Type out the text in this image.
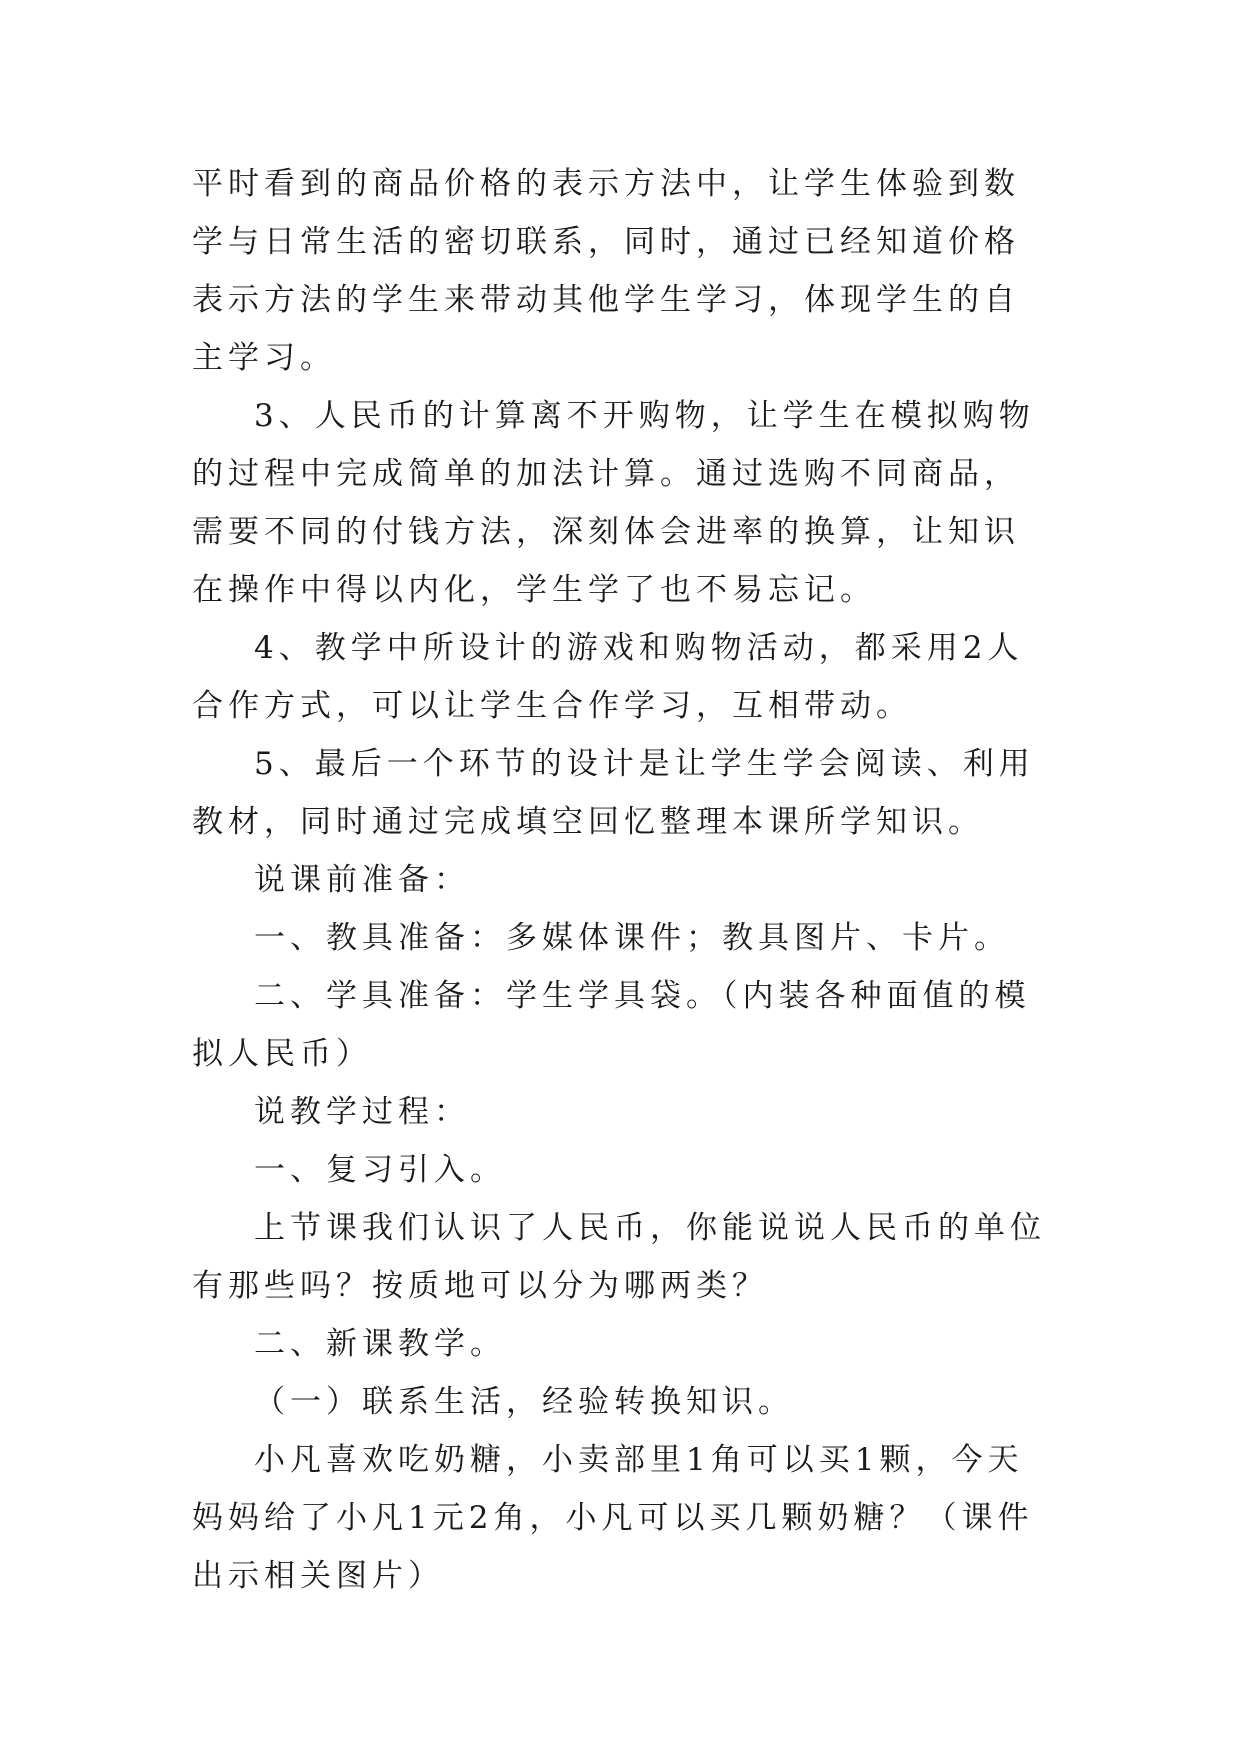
平时看到的商品价格的表示方法中，让学生体验到数学与日常生活的密切联系，同时，通过已经知道价格表示方法的学生来带动其他学生学习，体现学生的自主学习。

3、人民币的计算离不开购物，让学生在模拟购物的过程中完成简单的加法计算。通过选购不同商品，需要不同的付钱方法，深刻体会进率的换算，让知识在操作中得以内化，学生学了也不易忘记。

4、教学中所设计的游戏和购物活动，都采用2人合作方式，可以让学生合作学习，互相带动。

5、最后一个环节的设计是让学生学会阅读、利用教材，同时通过完成填空回忆整理本课所学知识。

说课前准备：

一、教具准备：多媒体课件；教具图片、卡片。

二、学具准备：学生学具袋。（内装各种面值的模拟人民币）

说教学过程：

一、复习引入。

上节课我们认识了人民币，你能说说人民币的单位有那些吗？按质地可以分为哪两类？

二、新课教学。

（一）联系生活，经验转换知识。

小凡喜欢吃奶糖，小卖部里1角可以买1颗，今天妈妈给了小凡1元2角，小凡可以买几颗奶糖？（课件出示相关图片）
